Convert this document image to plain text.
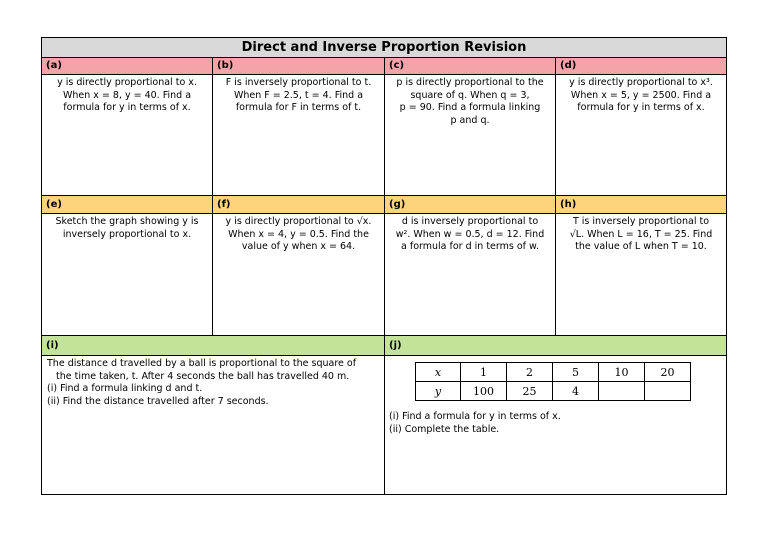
Direct and Inverse Proportion Revision
(a)	(b)	(c)	(d)
y is directly proportional to x.
When x = 8, y = 40. Find a
formula for y in terms of x.
F is inversely proportional to t.
When F = 2.5, t = 4. Find a
formula for F in terms of t.
p is directly proportional to the
square of q. When q = 3,
p = 90. Find a formula linking
p and q.
y is directly proportional to x³.
When x = 5, y = 2500. Find a
formula for y in terms of x.
(e)	(f)	(g)	(h)
Sketch the graph showing y is
inversely proportional to x.
y is directly proportional to √x.
When x = 4, y = 0.5. Find the
value of y when x = 64.
d is inversely proportional to
w². When w = 0.5, d = 12. Find
a formula for d in terms of w.
T is inversely proportional to
√L. When L = 16, T = 25. Find
the value of L when T = 10.
(i)	(j)
The distance d travelled by a ball is proportional to the square of
the time taken, t. After 4 seconds the ball has travelled 40 m.
(i) Find a formula linking d and t.
(ii) Find the distance travelled after 7 seconds.
x	1	2	5	10	20
y	100	25	4		
(i) Find a formula for y in terms of x.
(ii) Complete the table.
